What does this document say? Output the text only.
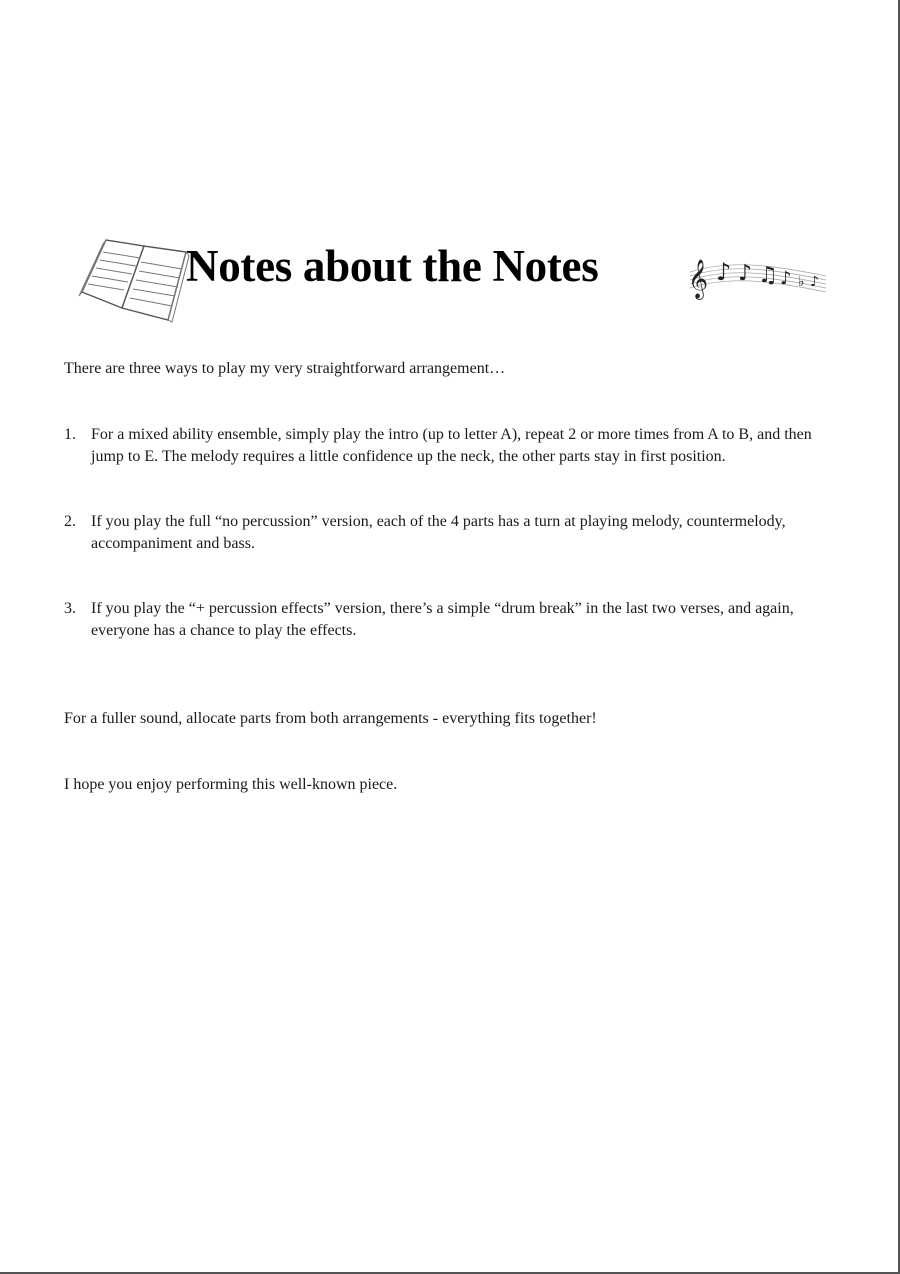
Notes about the Notes	𝄞 ♪ ♪ ♫ ♪ ♭ ♪

There are three ways to play my very straightforward arrangement…

1. For a mixed ability ensemble, simply play the intro (up to letter A), repeat 2 or more times from A to B, and then jump to E. The melody requires a little confidence up the neck, the other parts stay in first position.
2. If you play the full “no percussion” version, each of the 4 parts has a turn at playing melody, countermelody, accompaniment and bass.
3. If you play the “+ percussion effects” version, there’s a simple “drum break” in the last two verses, and again, everyone has a chance to play the effects.

For a fuller sound, allocate parts from both arrangements - everything fits together!

I hope you enjoy performing this well-known piece.
